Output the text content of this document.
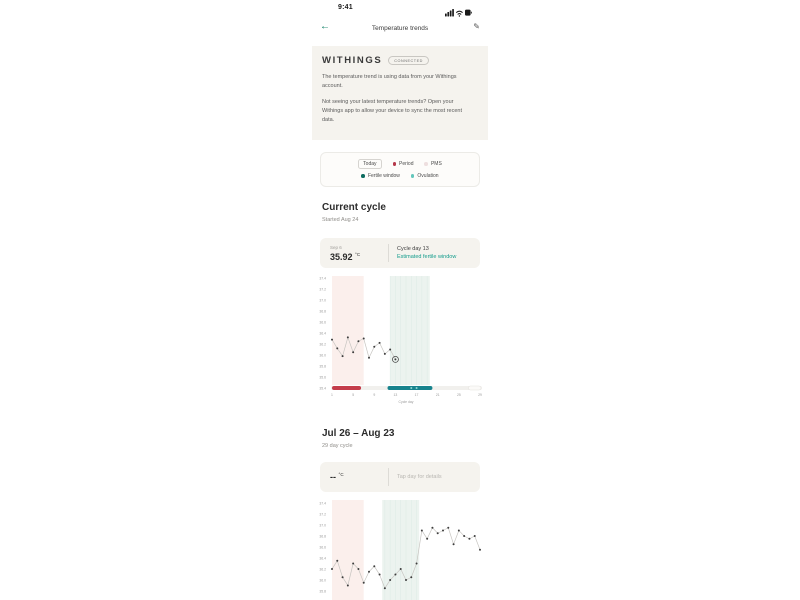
9:41
←	Temperature trends	✎
WITHINGS	CONNECTED
The temperature trend is using data from your Withings account.
Not seeing your latest temperature trends? Open your Withings app to allow your device to sync the most recent data.
Today	Period	PMS
Fertile window	Ovulation
Current cycle
Started Aug 24
Sep 6
35.92 $^{^\circ C}$
Cycle day 13
Estimated fertile window
37.4
37.2
37.0
36.8
36.6
36.4
36.2
36.0
35.8
35.6
35.4
1	5	9	13	17	21	25	29
Cycle day
Jul 26 – Aug 23
29 day cycle
-- $^{^\circ C}$	Tap day for details
37.4
37.2
37.0
36.8
36.6
36.4
36.2
36.0
35.8
